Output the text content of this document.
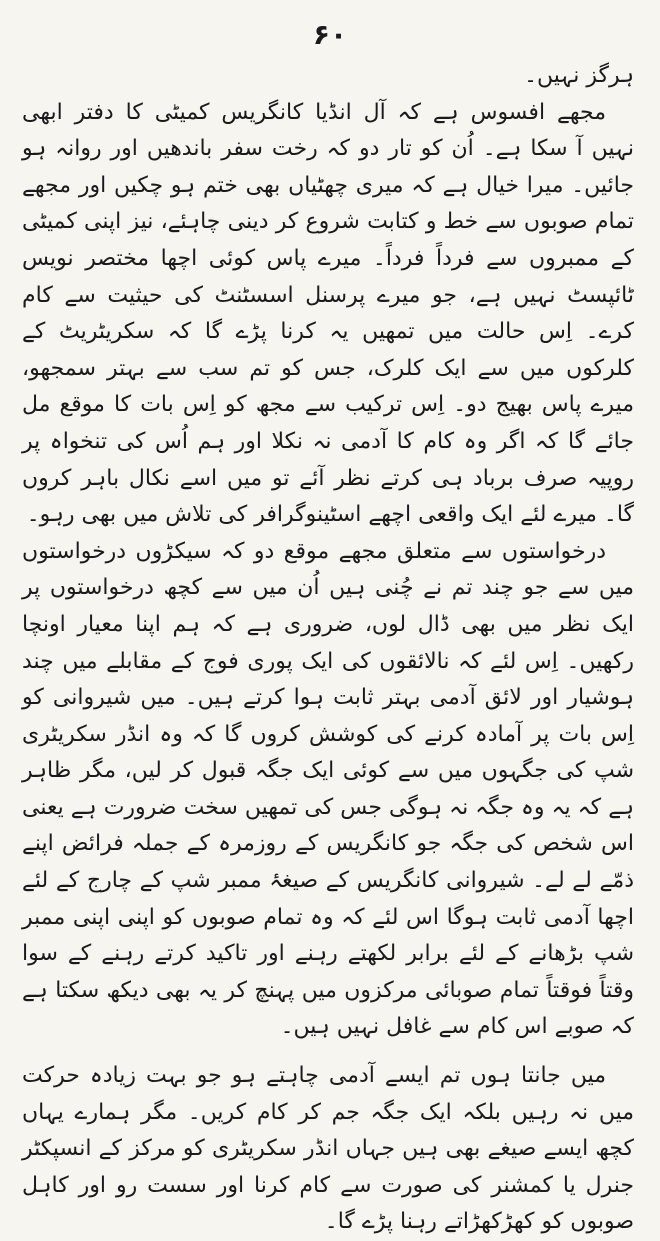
۶۰

ہرگز نہیں۔

مجھے افسوس ہے کہ آل انڈیا کانگریس کمیٹی کا دفتر ابھی نہیں آ سکا ہے۔ اُن کو تار دو کہ رخت سفر باندھیں اور روانہ ہو جائیں۔ میرا خیال ہے کہ میری چھٹیاں بھی ختم ہو چکیں اور مجھے تمام صوبوں سے خط و کتابت شروع کر دینی چاہئے، نیز اپنی کمیٹی کے ممبروں سے فرداً فرداً۔ میرے پاس کوئی اچھا مختصر نویس ٹائپسٹ نہیں ہے، جو میرے پرسنل اسسٹنٹ کی حیثیت سے کام کرے۔ اِس حالت میں تمھیں یہ کرنا پڑے گا کہ سکریٹریٹ کے کلرکوں میں سے ایک کلرک، جس کو تم سب سے بہتر سمجھو، میرے پاس بھیج دو۔ اِس ترکیب سے مجھ کو اِس بات کا موقع مل جائے گا کہ اگر وہ کام کا آدمی نہ نکلا اور ہم اُس کی تنخواہ پر روپیہ صرف برباد ہی کرتے نظر آئے تو میں اسے نکال باہر کروں گا۔ میرے لئے ایک واقعی اچھے اسٹینوگرافر کی تلاش میں بھی رہو۔

درخواستوں سے متعلق مجھے موقع دو کہ سیکڑوں درخواستوں میں سے جو چند تم نے چُنی ہیں اُن میں سے کچھ درخواستوں پر ایک نظر میں بھی ڈال لوں، ضروری ہے کہ ہم اپنا معیار اونچا رکھیں۔ اِس لئے کہ نالائقوں کی ایک پوری فوج کے مقابلے میں چند ہوشیار اور لائق آدمی بہتر ثابت ہوا کرتے ہیں۔ میں شیروانی کو اِس بات پر آمادہ کرنے کی کوشش کروں گا کہ وہ انڈر سکریٹری شپ کی جگہوں میں سے کوئی ایک جگہ قبول کر لیں، مگر ظاہر ہے کہ یہ وہ جگہ نہ ہوگی جس کی تمھیں سخت ضرورت ہے یعنی اس شخص کی جگہ جو کانگریس کے روزمرہ کے جملہ فرائض اپنے ذمّے لے لے۔ شیروانی کانگریس کے صیغۂ ممبر شپ کے چارج کے لئے اچھا آدمی ثابت ہوگا اس لئے کہ وہ تمام صوبوں کو اپنی اپنی ممبر شپ بڑھانے کے لئے برابر لکھتے رہنے اور تاکید کرتے رہنے کے سوا وقتاً فوقتاً تمام صوبائی مرکزوں میں پہنچ کر یہ بھی دیکھ سکتا ہے کہ صوبے اس کام سے غافل نہیں ہیں۔

میں جانتا ہوں تم ایسے آدمی چاہتے ہو جو بہت زیادہ حرکت میں نہ رہیں بلکہ ایک جگہ جم کر کام کریں۔ مگر ہمارے یہاں کچھ ایسے صیغے بھی ہیں جہاں انڈر سکریٹری کو مرکز کے انسپکٹر جنرل یا کمشنر کی صورت سے کام کرنا اور سست رو اور کاہل صوبوں کو کھڑکھڑاتے رہنا پڑے گا۔
